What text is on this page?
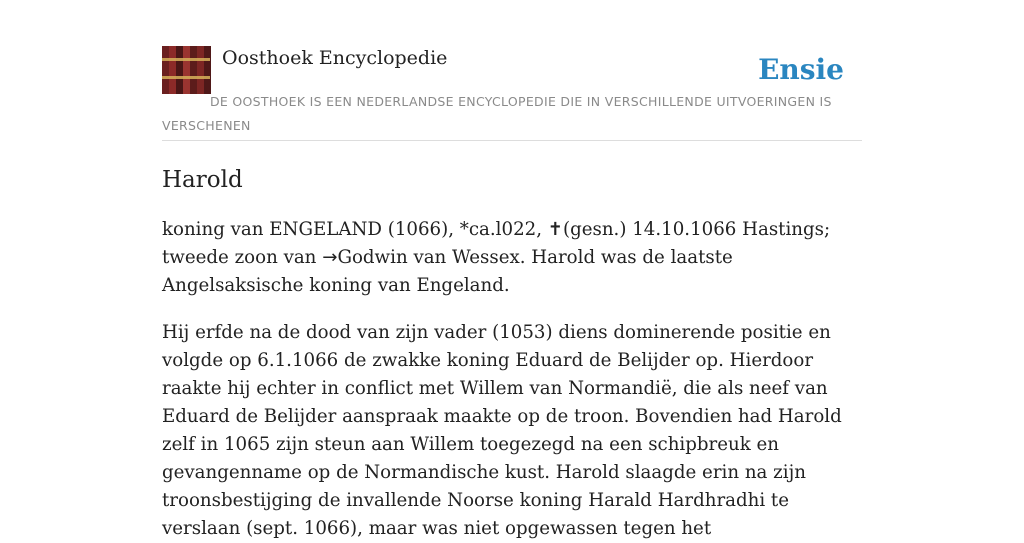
Oosthoek Encyclopedie	Ensie

DE OOSTHOEK IS EEN NEDERLANDSE ENCYCLOPEDIE DIE IN VERSCHILLENDE UITVOERINGEN IS VERSCHENEN

Harold

koning van ENGELAND (1066), *ca.l022, ✝(gesn.) 14.10.1066 Hastings; tweede zoon van →Godwin van Wessex. Harold was de laatste Angelsaksische koning van Engeland.

Hij erfde na de dood van zijn vader (1053) diens dominerende positie en volgde op 6.1.1066 de zwakke koning Eduard de Belijder op. Hierdoor raakte hij echter in conflict met Willem van Normandië, die als neef van Eduard de Belijder aanspraak maakte op de troon. Bovendien had Harold zelf in 1065 zijn steun aan Willem toegezegd na een schipbreuk en gevangenname op de Normandische kust. Harold slaagde erin na zijn troonsbestijging de invallende Noorse koning Harald Hardhradhi te verslaan (sept. 1066), maar was niet opgewassen tegen het
